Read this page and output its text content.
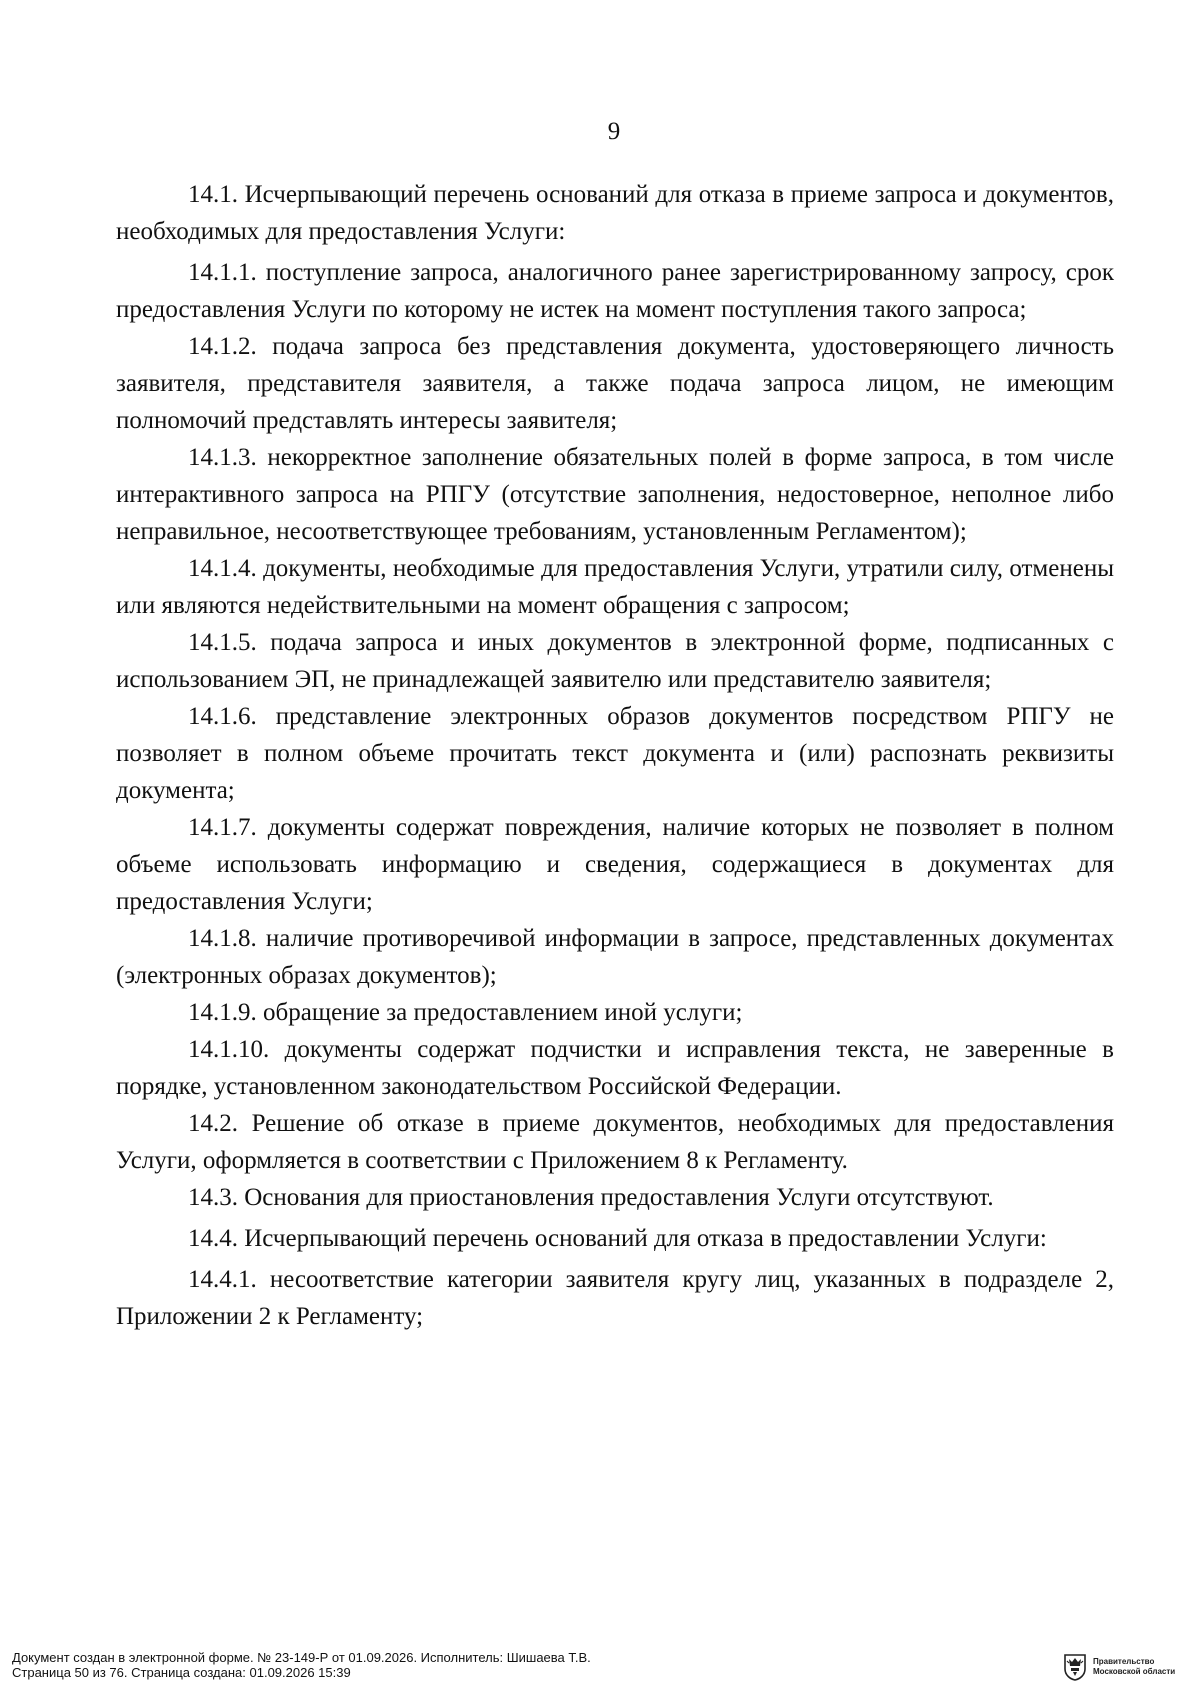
9

14.1. Исчерпывающий перечень оснований для отказа в приеме запроса и документов, необходимых для предоставления Услуги:

14.1.1. поступление запроса, аналогичного ранее зарегистрированному запросу, срок предоставления Услуги по которому не истек на момент поступления такого запроса;

14.1.2. подача запроса без представления документа, удостоверяющего личность заявителя, представителя заявителя, а также подача запроса лицом, не имеющим полномочий представлять интересы заявителя;

14.1.3. некорректное заполнение обязательных полей в форме запроса, в том числе интерактивного запроса на РПГУ (отсутствие заполнения, недостоверное, неполное либо неправильное, несоответствующее требованиям, установленным Регламентом);

14.1.4. документы, необходимые для предоставления Услуги, утратили силу, отменены или являются недействительными на момент обращения с запросом;

14.1.5. подача запроса и иных документов в электронной форме, подписанных с использованием ЭП, не принадлежащей заявителю или представителю заявителя;

14.1.6. представление электронных образов документов посредством РПГУ не позволяет в полном объеме прочитать текст документа и (или) распознать реквизиты документа;

14.1.7. документы содержат повреждения, наличие которых не позволяет в полном объеме использовать информацию и сведения, содержащиеся в документах для предоставления Услуги;

14.1.8. наличие противоречивой информации в запросе, представленных документах (электронных образах документов);

14.1.9. обращение за предоставлением иной услуги;

14.1.10. документы содержат подчистки и исправления текста, не заверенные в порядке, установленном законодательством Российской Федерации.

14.2. Решение об отказе в приеме документов, необходимых для предоставления Услуги, оформляется в соответствии с Приложением 8 к Регламенту.

14.3. Основания для приостановления предоставления Услуги отсутствуют.

14.4. Исчерпывающий перечень оснований для отказа в предоставлении Услуги:

14.4.1. несоответствие категории заявителя кругу лиц, указанных в подразделе 2, Приложении 2 к Регламенту;

Документ создан в электронной форме. № 23-149-Р от 01.09.2026. Исполнитель: Шишаева Т.В.
Страница 50 из 76. Страница создана: 01.09.2026 15:39
Правительство
Московской области
